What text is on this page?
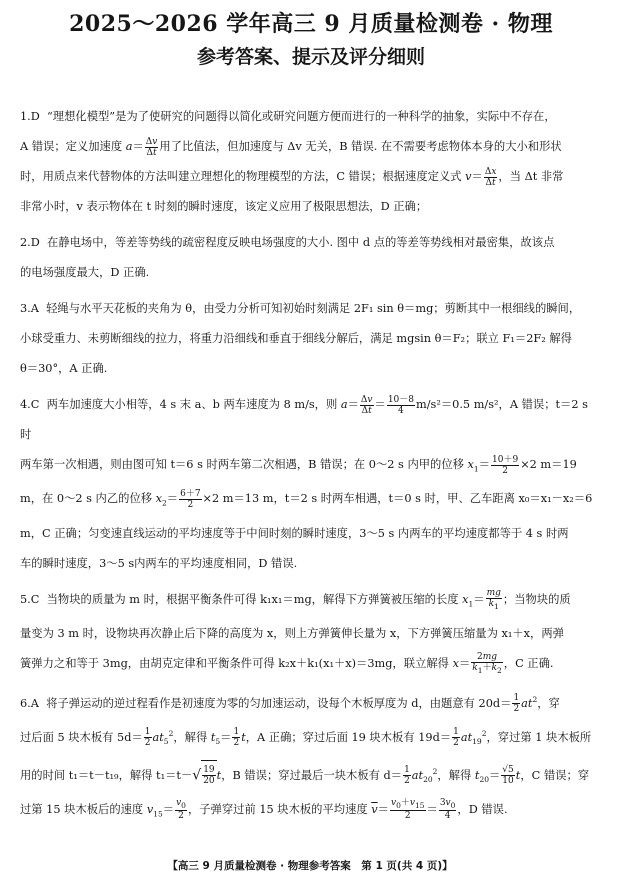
2025～2026 学年高三 9 月质量检测卷 · 物理
参考答案、提示及评分细则

1.D “理想化模型”是为了使研究的问题得以简化或研究问题方便而进行的一种科学的抽象，实际中不存在，

A 错误；定义加速度 $a= \frac{\Delta v}{\Delta t}$ 用了比值法，但加速度与 Δv 无关，B 错误. 在不需要考虑物体本身的大小和形状

时，用质点来代替物体的方法叫建立理想化的物理模型的方法，C 错误；根据速度定义式 $v= \frac{\Delta x}{\Delta t}$ ，当 Δt 非常

非常小时，v 表示物体在 t 时刻的瞬时速度，该定义应用了极限思想法，D 正确；

2.D 在静电场中，等差等势线的疏密程度反映电场强度的大小. 图中 d 点的等差等势线相对最密集，故该点

的电场强度最大，D 正确.

3.A 轻绳与水平天花板的夹角为 θ，由受力分析可知初始时刻满足 2F₁ sin θ＝mg；剪断其中一根细线的瞬间，

小球受重力、未剪断细线的拉力，将重力沿细线和垂直于细线分解后，满足 mgsin θ＝F₂；联立 F₁＝2F₂ 解得

θ＝30°，A 正确.

4.C 两车加速度大小相等，4 s 末 a、b 两车速度为 8 m/s，则 $a= \frac{\Delta v}{\Delta t} = \frac{10-8}{4} m/s^2=0.5$ m/s²，A 错误；t＝2 s 时

两车第一次相遇，则由图可知 t＝6 s 时两车第二次相遇，B 错误；在 0～2 s 内甲的位移 $x_1= \frac{10+9}{2} \times 2$ m＝19

m，在 0～2 s 内乙的位移 $x_2= \frac{6+7}{2} \times 2$ m＝13 m，t＝2 s 时两车相遇，t＝0 s 时，甲、乙车距离 x₀＝x₁－x₂＝6

m，C 正确；匀变速直线运动的平均速度等于中间时刻的瞬时速度，3～5 s 内两车的平均速度都等于 4 s 时两

车的瞬时速度，3～5 s内两车的平均速度相同，D 错误.

5.C 当物块的质量为 m 时，根据平衡条件可得 k₁x₁＝mg，解得下方弹簧被压缩的长度 $x_1= \frac{mg}{k_1}$ ；当物块的质

量变为 3 m 时，设物块再次静止后下降的高度为 x，则上方弹簧伸长量为 x，下方弹簧压缩量为 x₁＋x，两弹

簧弹力之和等于 3mg，由胡克定律和平衡条件可得 k₂x＋k₁(x₁＋x)＝3mg，联立解得 $x= \frac{2mg}{k_1+k_2}$ ，C 正确.

6.A 将子弹运动的逆过程看作是初速度为零的匀加速运动，设每个木板厚度为 d，由题意有 $20d= \frac{1}{2} at^2$，穿

过后面 5 块木板有 $5d= \frac{1}{2} at_5^2$，解得 $t_5= \frac{1}{2}$ t，A 正确；穿过后面 19 块木板有 $19d= \frac{1}{2} at_{19}^2$，穿过第 1 块木板所

用的时间 t₁＝t－t₁₉，解得 $t_1=t-√ \frac{19}{20}$ t，B 错误；穿过最后一块木板有 $d= \frac{1}{2} at_{20}^2$，解得 $t_{20}= \frac{√5}{10}$ t，C 错误；穿

过第 15 块木板后的速度 $v_{15}= \frac{v_0}{2}$ ，子弹穿过前 15 块木板的平均速度 $\overline{v}= \frac{v_0+v_{15}}{2} = \frac{3v_0}{4}$ ，D 错误.

【高三 9 月质量检测卷 · 物理参考答案　第 1 页(共 4 页)】
